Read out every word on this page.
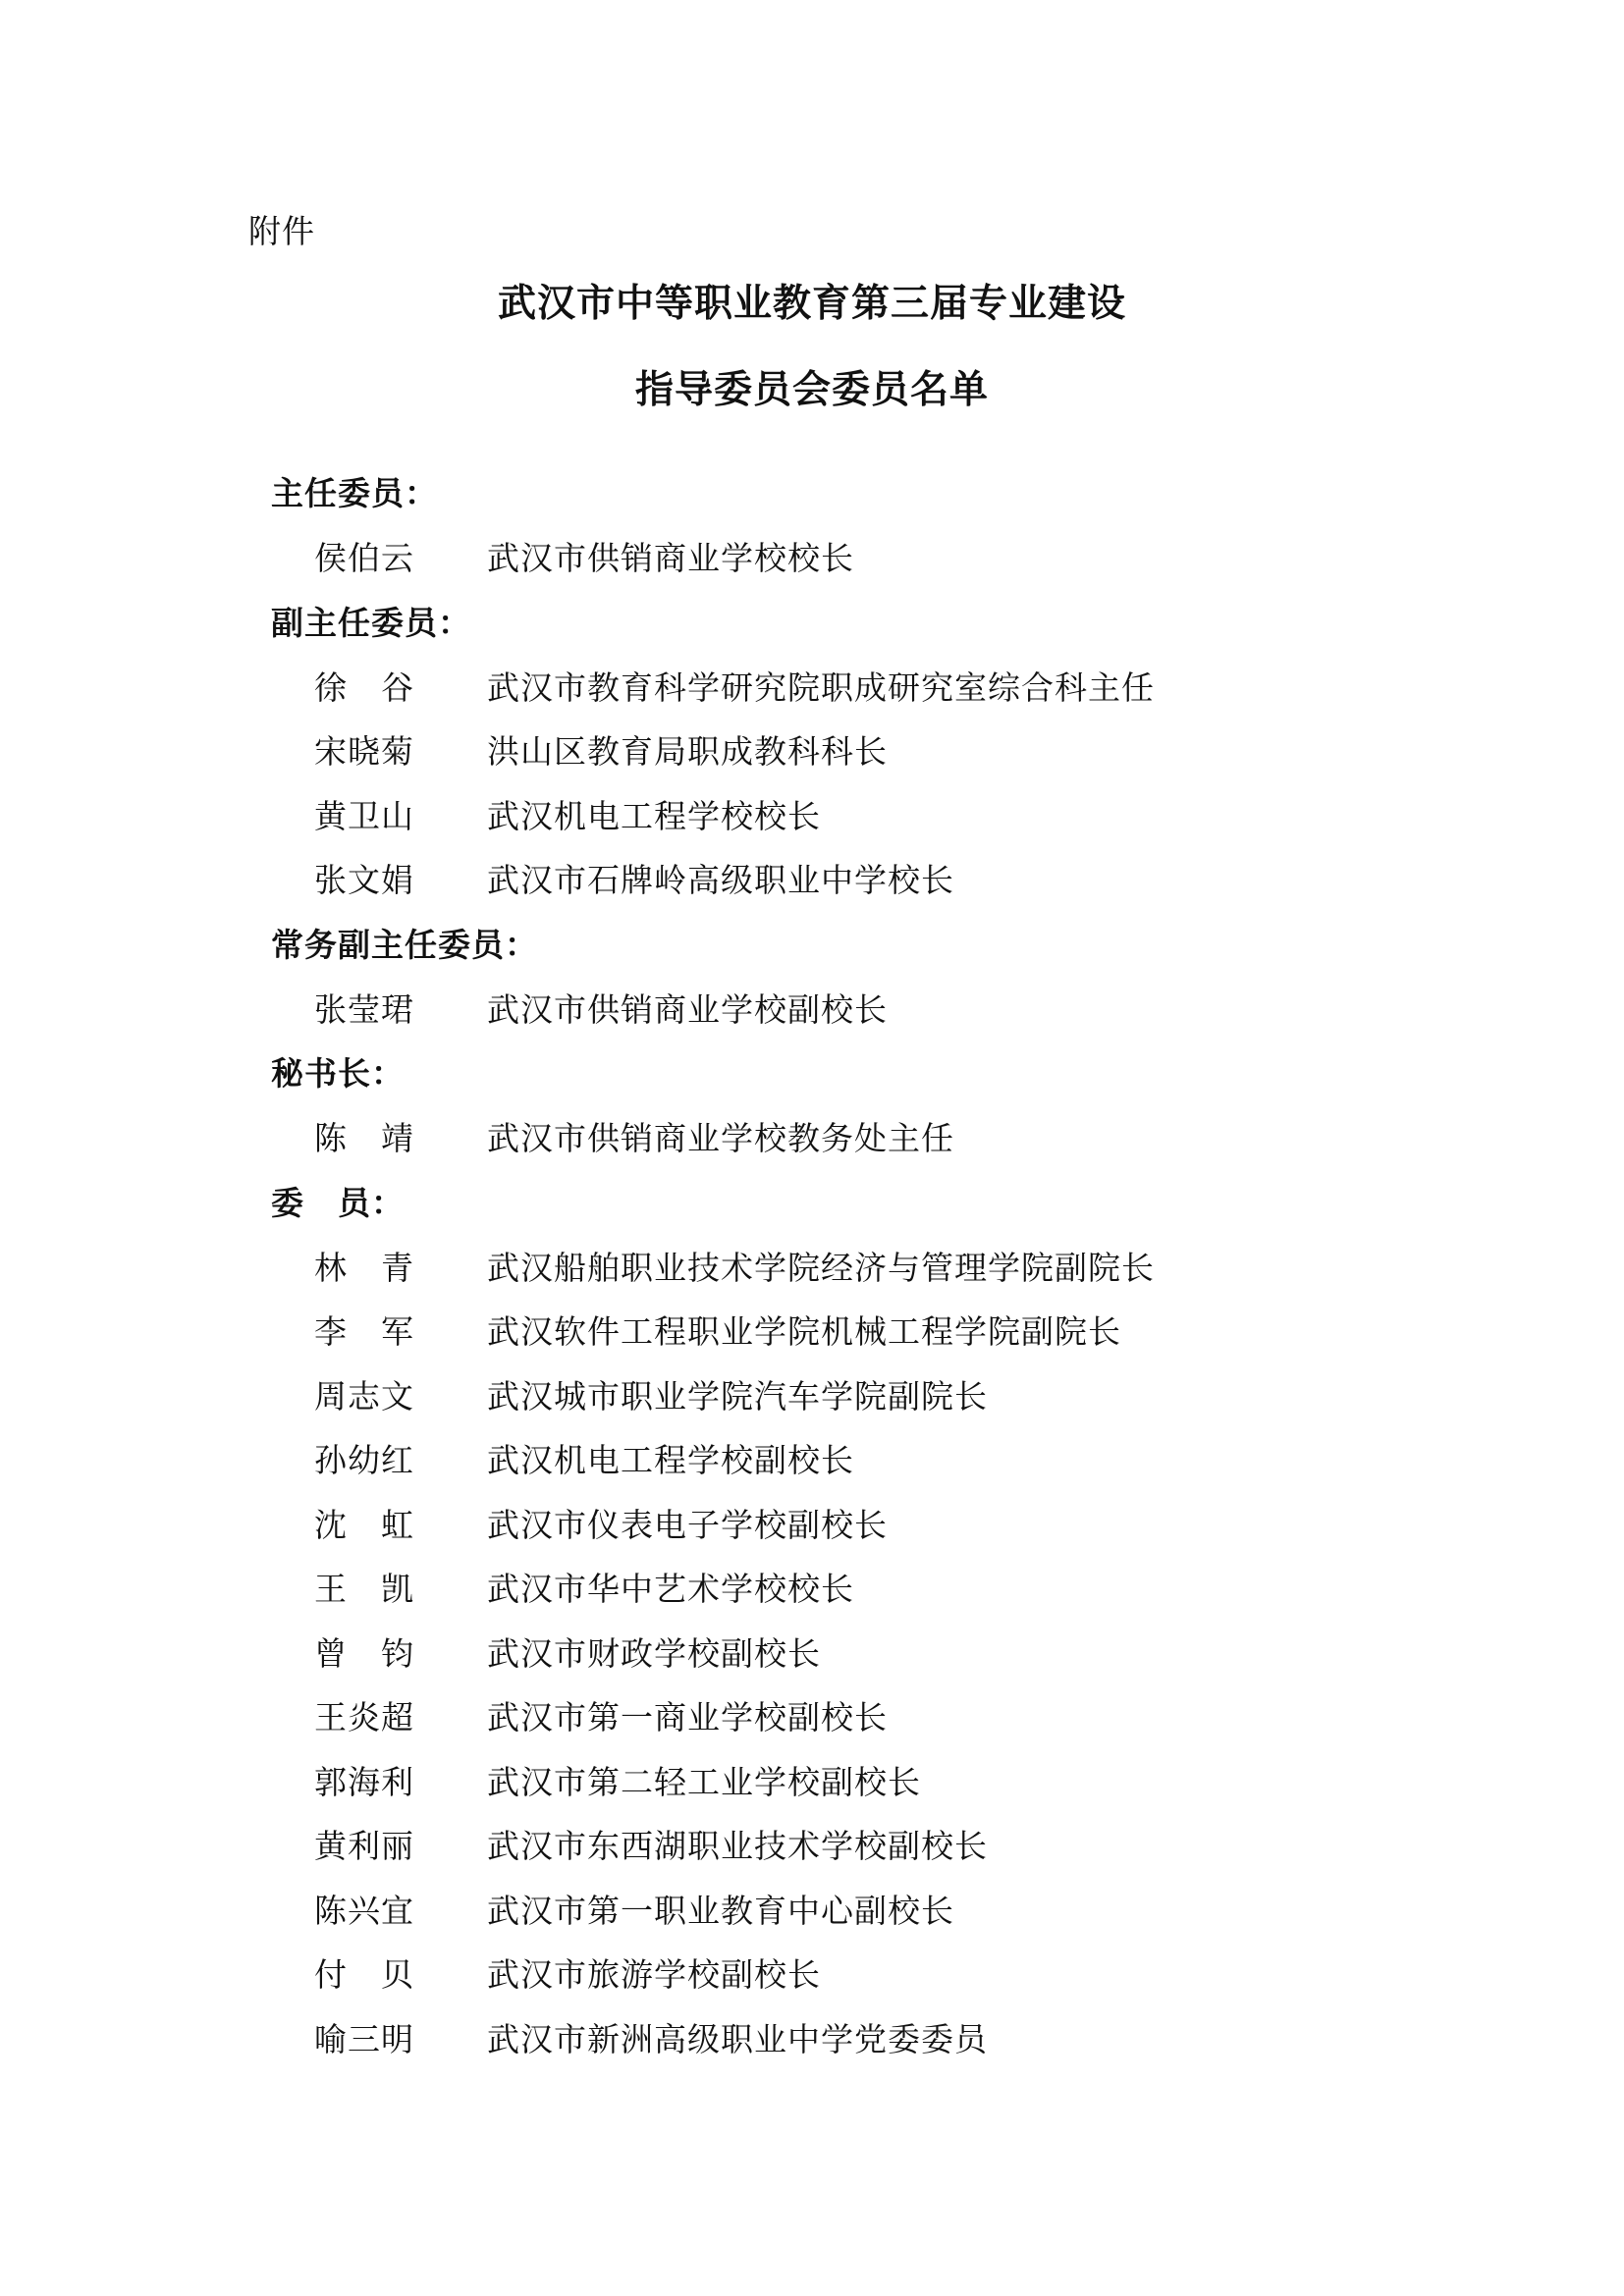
附件
武汉市中等职业教育第三届专业建设
指导委员会委员名单
主任委员：
侯伯云	武汉市供销商业学校校长
副主任委员：
徐　谷	武汉市教育科学研究院职成研究室综合科主任
宋晓菊	洪山区教育局职成教科科长
黄卫山	武汉机电工程学校校长
张文娟	武汉市石牌岭高级职业中学校长
常务副主任委员：
张莹珺	武汉市供销商业学校副校长
秘书长：
陈　靖	武汉市供销商业学校教务处主任
委　员：
林　青	武汉船舶职业技术学院经济与管理学院副院长
李　军	武汉软件工程职业学院机械工程学院副院长
周志文	武汉城市职业学院汽车学院副院长
孙幼红	武汉机电工程学校副校长
沈　虹	武汉市仪表电子学校副校长
王　凯	武汉市华中艺术学校校长
曾　钧	武汉市财政学校副校长
王炎超	武汉市第一商业学校副校长
郭海利	武汉市第二轻工业学校副校长
黄利丽	武汉市东西湖职业技术学校副校长
陈兴宜	武汉市第一职业教育中心副校长
付　贝	武汉市旅游学校副校长
喻三明	武汉市新洲高级职业中学党委委员
